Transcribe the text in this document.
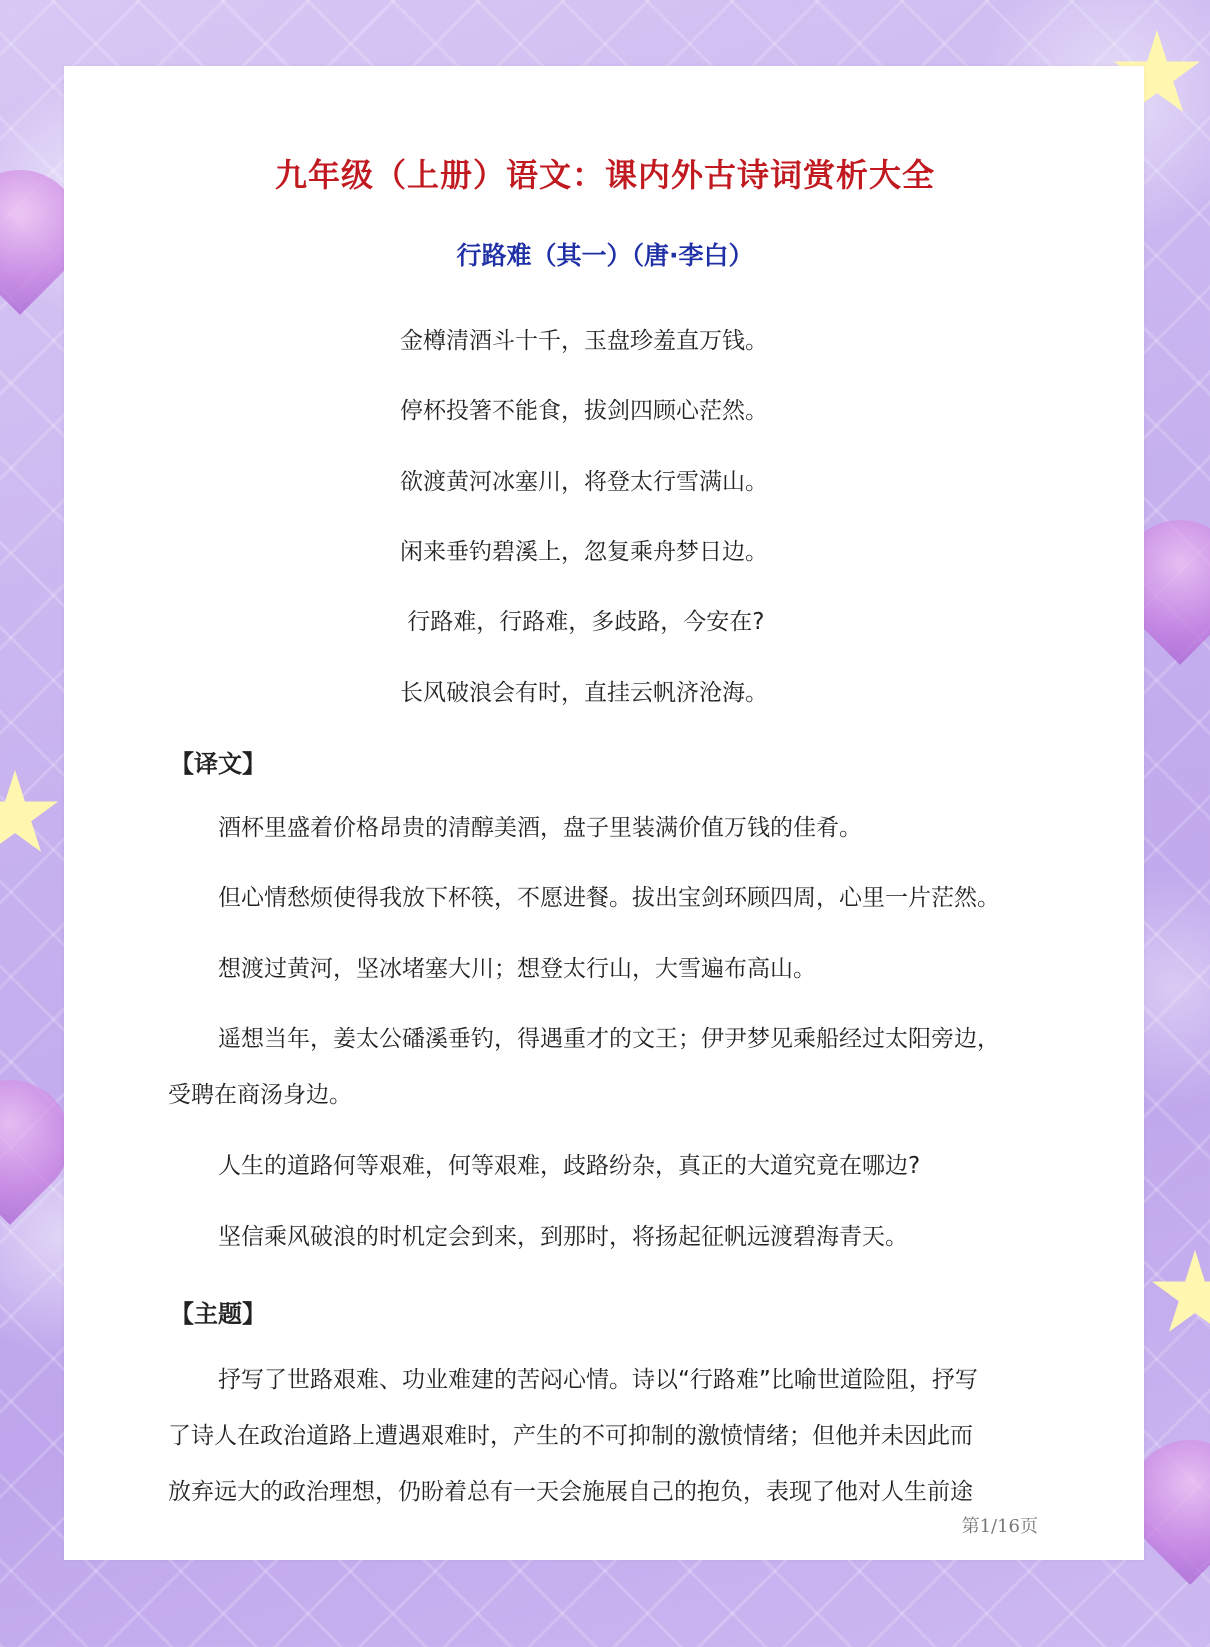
九年级（上册）语文：课内外古诗词赏析大全
行路难（其一）（唐·李白）
金樽清酒斗十千，玉盘珍羞直万钱。
停杯投箸不能食，拔剑四顾心茫然。
欲渡黄河冰塞川，将登太行雪满山。
闲来垂钓碧溪上，忽复乘舟梦日边。
行路难，行路难，多歧路，今安在?
长风破浪会有时，直挂云帆济沧海。
【译文】
酒杯里盛着价格昂贵的清醇美酒，盘子里装满价值万钱的佳肴。
但心情愁烦使得我放下杯筷，不愿进餐。拔出宝剑环顾四周，心里一片茫然。
想渡过黄河，坚冰堵塞大川；想登太行山，大雪遍布高山。
遥想当年，姜太公磻溪垂钓，得遇重才的文王；伊尹梦见乘船经过太阳旁边，
受聘在商汤身边。
人生的道路何等艰难，何等艰难，歧路纷杂，真正的大道究竟在哪边?
坚信乘风破浪的时机定会到来，到那时，将扬起征帆远渡碧海青天。
【主题】
抒写了世路艰难、功业难建的苦闷心情。诗以“行路难”比喻世道险阻，抒写
了诗人在政治道路上遭遇艰难时，产生的不可抑制的激愤情绪；但他并未因此而
放弃远大的政治理想，仍盼着总有一天会施展自己的抱负，表现了他对人生前途
第1/16页
